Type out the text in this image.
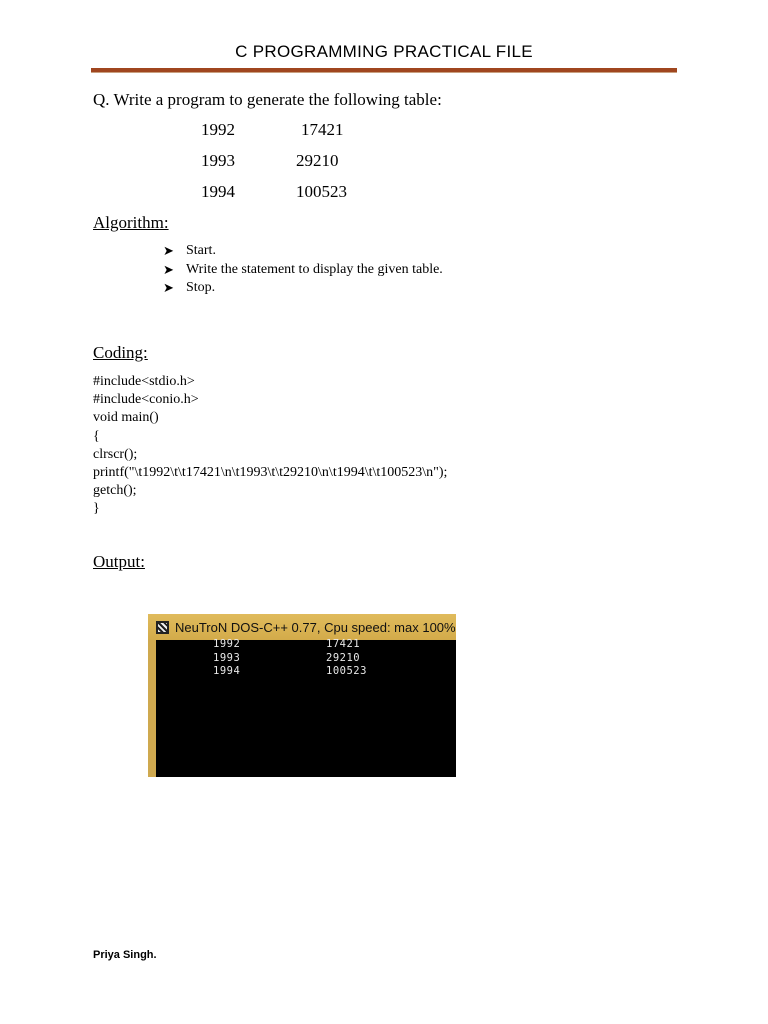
C PROGRAMMING PRACTICAL FILE
Q. Write a program to generate the following table:
1992	17421
1993	29210
1994	100523
Algorithm:
➤ Start.
➤ Write the statement to display the given table.
➤ Stop.
Coding:
#include<stdio.h>
#include<conio.h>
void main()
{
clrscr();
printf("\t1992\t\t17421\n\t1993\t\t29210\n\t1994\t\t100523\n");
getch();
}
Output:
NeuTroN DOS-C++ 0.77, Cpu speed: max 100%
1992	17421
1993	29210
1994	100523
Priya Singh.
